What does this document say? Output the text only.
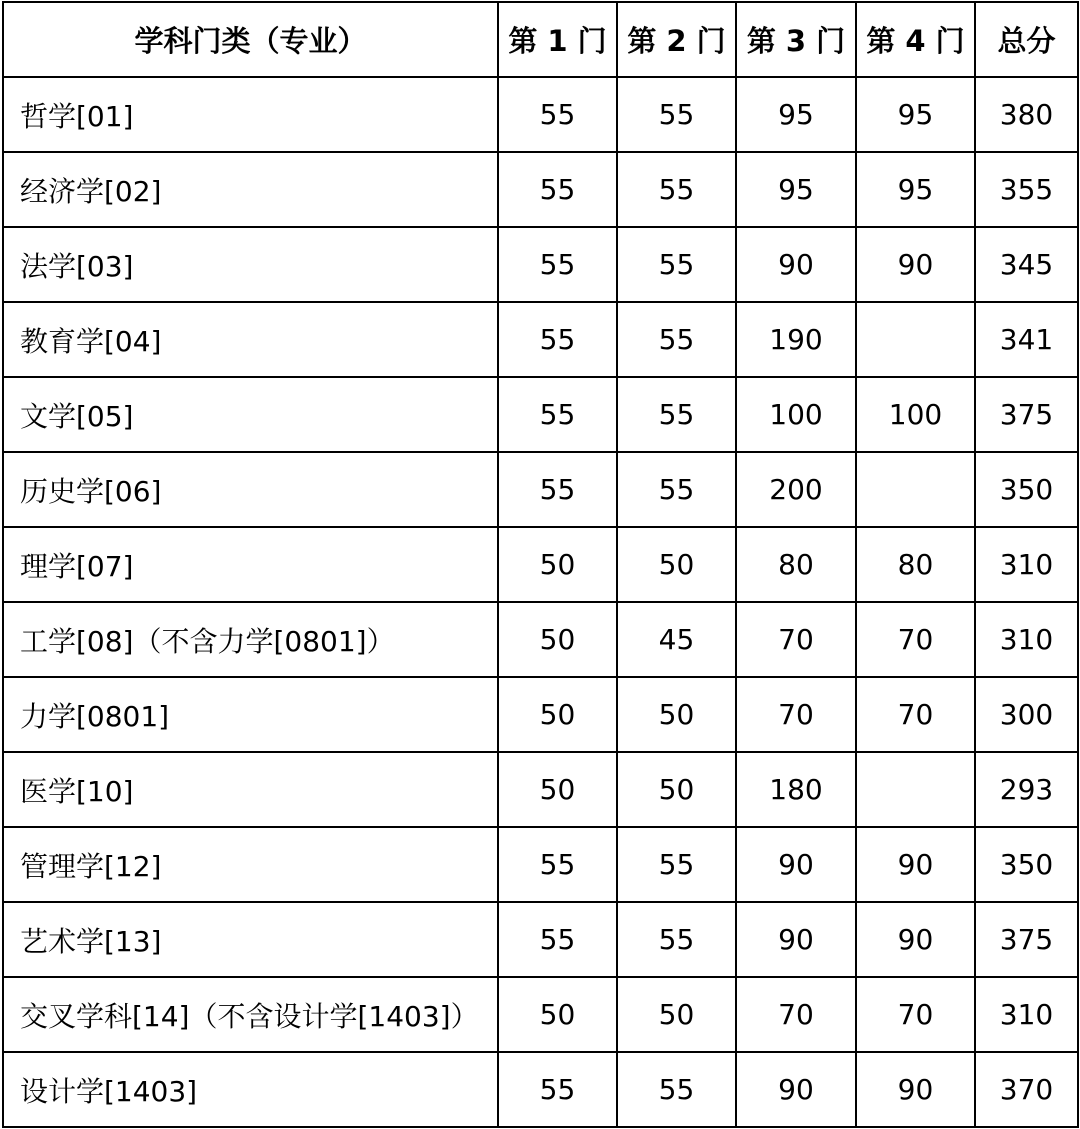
学科门类（专业）	第 1 门	第 2 门	第 3 门	第 4 门	总分
哲学[01]	55	55	95	95	380
经济学[02]	55	55	95	95	355
法学[03]	55	55	90	90	345
教育学[04]	55	55	190		341
文学[05]	55	55	100	100	375
历史学[06]	55	55	200		350
理学[07]	50	50	80	80	310
工学[08]（不含力学[0801]）	50	45	70	70	310
力学[0801]	50	50	70	70	300
医学[10]	50	50	180		293
管理学[12]	55	55	90	90	350
艺术学[13]	55	55	90	90	375
交叉学科[14]（不含设计学[1403]）	50	50	70	70	310
设计学[1403]	55	55	90	90	370
